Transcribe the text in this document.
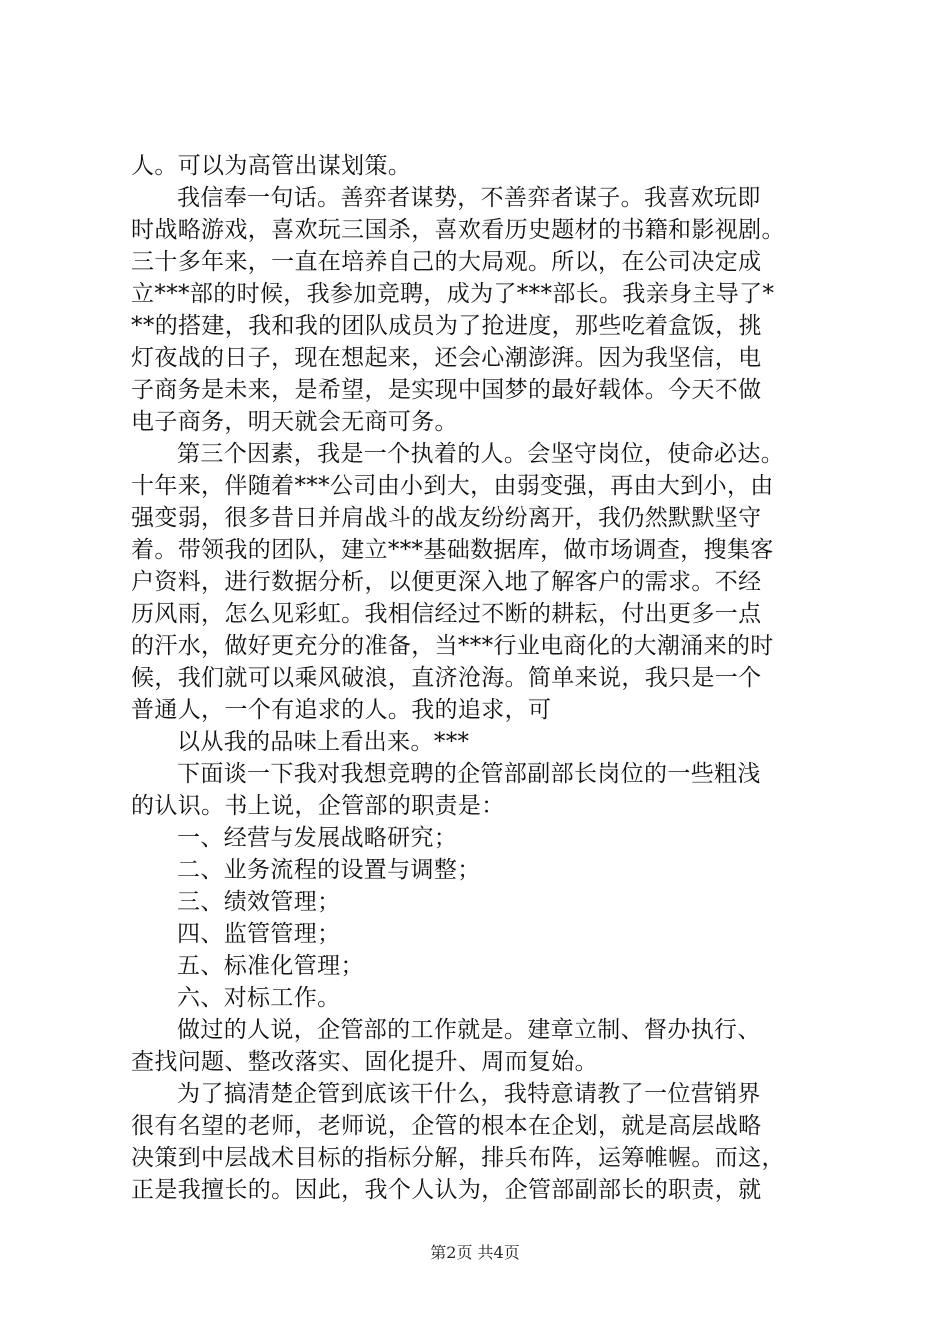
人。可以为高管出谋划策。
我信奉一句话。善弈者谋势，不善弈者谋子。我喜欢玩即
时战略游戏，喜欢玩三国杀，喜欢看历史题材的书籍和影视剧。
三十多年来，一直在培养自己的大局观。所以，在公司决定成
立***部的时候，我参加竞聘，成为了***部长。我亲身主导了*
**的搭建，我和我的团队成员为了抢进度，那些吃着盒饭，挑
灯夜战的日子，现在想起来，还会心潮澎湃。因为我坚信，电
子商务是未来，是希望，是实现中国梦的最好载体。今天不做
电子商务，明天就会无商可务。
第三个因素，我是一个执着的人。会坚守岗位，使命必达。
十年来，伴随着***公司由小到大，由弱变强，再由大到小，由
强变弱，很多昔日并肩战斗的战友纷纷离开，我仍然默默坚守
着。带领我的团队，建立***基础数据库，做市场调查，搜集客
户资料，进行数据分析，以便更深入地了解客户的需求。不经
历风雨，怎么见彩虹。我相信经过不断的耕耘，付出更多一点
的汗水，做好更充分的准备，当***行业电商化的大潮涌来的时
候，我们就可以乘风破浪，直济沧海。简单来说，我只是一个
普通人，一个有追求的人。我的追求，可
以从我的品味上看出来。***
下面谈一下我对我想竞聘的企管部副部长岗位的一些粗浅
的认识。书上说，企管部的职责是：
一、经营与发展战略研究；
二、业务流程的设置与调整；
三、绩效管理；
四、监管管理；
五、标准化管理；
六、对标工作。
做过的人说，企管部的工作就是。建章立制、督办执行、
查找问题、整改落实、固化提升、周而复始。
为了搞清楚企管到底该干什么，我特意请教了一位营销界
很有名望的老师，老师说，企管的根本在企划，就是高层战略
决策到中层战术目标的指标分解，排兵布阵，运筹帷幄。而这，
正是我擅长的。因此，我个人认为，企管部副部长的职责，就
第2页 共4页
